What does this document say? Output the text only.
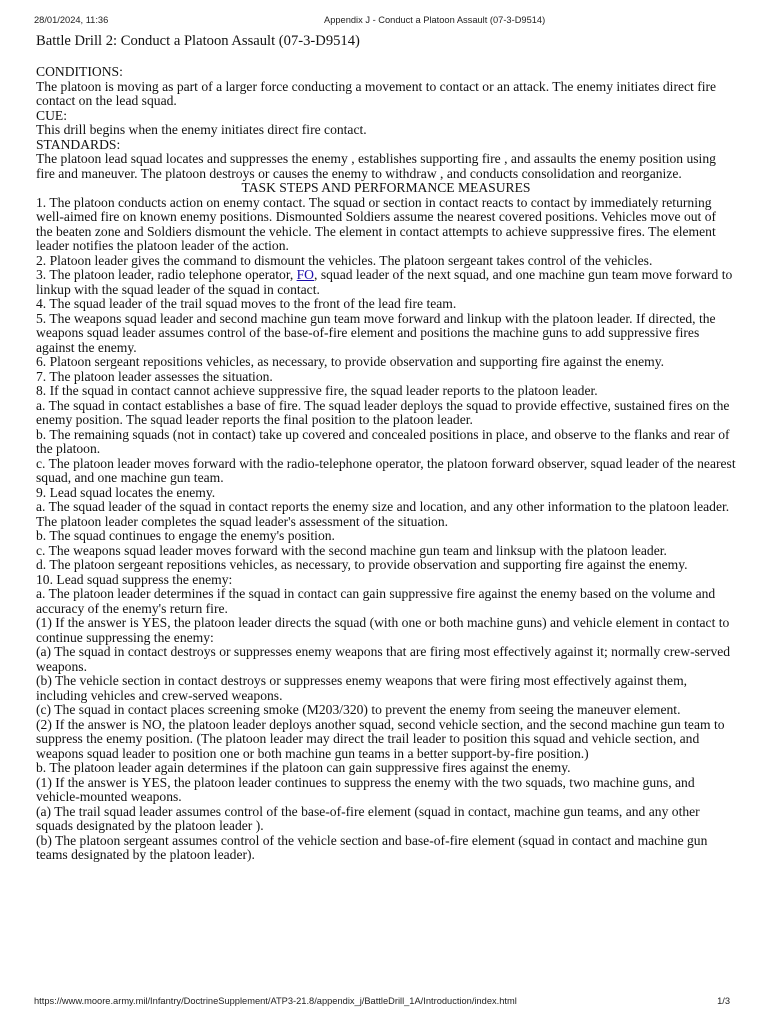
28/01/2024, 11:36	Appendix J - Conduct a Platoon Assault (07-3-D9514)

Battle Drill 2: Conduct a Platoon Assault (07-3-D9514)

CONDITIONS:

The platoon is moving as part of a larger force conducting a movement to contact or an attack. The enemy initiates direct fire contact on the lead squad.

CUE:

This drill begins when the enemy initiates direct fire contact.

STANDARDS:

The platoon lead squad locates and suppresses the enemy , establishes supporting fire , and assaults the enemy position using fire and maneuver. The platoon destroys or causes the enemy to withdraw , and conducts consolidation and reorganize.

TASK STEPS AND PERFORMANCE MEASURES

1. The platoon conducts action on enemy contact. The squad or section in contact reacts to contact by immediately returning well-aimed fire on known enemy positions. Dismounted Soldiers assume the nearest covered positions. Vehicles move out of the beaten zone and Soldiers dismount the vehicle. The element in contact attempts to achieve suppressive fires. The element leader notifies the platoon leader of the action.

2. Platoon leader gives the command to dismount the vehicles. The platoon sergeant takes control of the vehicles.

3. The platoon leader, radio telephone operator, FO, squad leader of the next squad, and one machine gun team move forward to linkup with the squad leader of the squad in contact.

4. The squad leader of the trail squad moves to the front of the lead fire team.

5. The weapons squad leader and second machine gun team move forward and linkup with the platoon leader. If directed, the weapons squad leader assumes control of the base-of-fire element and positions the machine guns to add suppressive fires against the enemy.

6. Platoon sergeant repositions vehicles, as necessary, to provide observation and supporting fire against the enemy.

7. The platoon leader assesses the situation.

8. If the squad in contact cannot achieve suppressive fire, the squad leader reports to the platoon leader.

a. The squad in contact establishes a base of fire. The squad leader deploys the squad to provide effective, sustained fires on the enemy position. The squad leader reports the final position to the platoon leader.

b. The remaining squads (not in contact) take up covered and concealed positions in place, and observe to the flanks and rear of the platoon.

c. The platoon leader moves forward with the radio-telephone operator, the platoon forward observer, squad leader of the nearest squad, and one machine gun team.

9. Lead squad locates the enemy.

a. The squad leader of the squad in contact reports the enemy size and location, and any other information to the platoon leader. The platoon leader completes the squad leader's assessment of the situation.

b. The squad continues to engage the enemy's position.

c. The weapons squad leader moves forward with the second machine gun team and linksup with the platoon leader.

d. The platoon sergeant repositions vehicles, as necessary, to provide observation and supporting fire against the enemy.

10. Lead squad suppress the enemy:

a. The platoon leader determines if the squad in contact can gain suppressive fire against the enemy based on the volume and accuracy of the enemy's return fire.

(1) If the answer is YES, the platoon leader directs the squad (with one or both machine guns) and vehicle element in contact to continue suppressing the enemy:

(a) The squad in contact destroys or suppresses enemy weapons that are firing most effectively against it; normally crew-served weapons.

(b) The vehicle section in contact destroys or suppresses enemy weapons that were firing most effectively against them, including vehicles and crew-served weapons.

(c) The squad in contact places screening smoke (M203/320) to prevent the enemy from seeing the maneuver element.

(2) If the answer is NO, the platoon leader deploys another squad, second vehicle section, and the second machine gun team to suppress the enemy position. (The platoon leader may direct the trail leader to position this squad and vehicle section, and weapons squad leader to position one or both machine gun teams in a better support-by-fire position.)

b. The platoon leader again determines if the platoon can gain suppressive fires against the enemy.

(1) If the answer is YES, the platoon leader continues to suppress the enemy with the two squads, two machine guns, and vehicle-mounted weapons.

(a) The trail squad leader assumes control of the base-of-fire element (squad in contact, machine gun teams, and any other squads designated by the platoon leader ).

(b) The platoon sergeant assumes control of the vehicle section and base-of-fire element (squad in contact and machine gun teams designated by the platoon leader).

https://www.moore.army.mil/Infantry/DoctrineSupplement/ATP3-21.8/appendix_j/BattleDrill_1A/Introduction/index.html	1/3
